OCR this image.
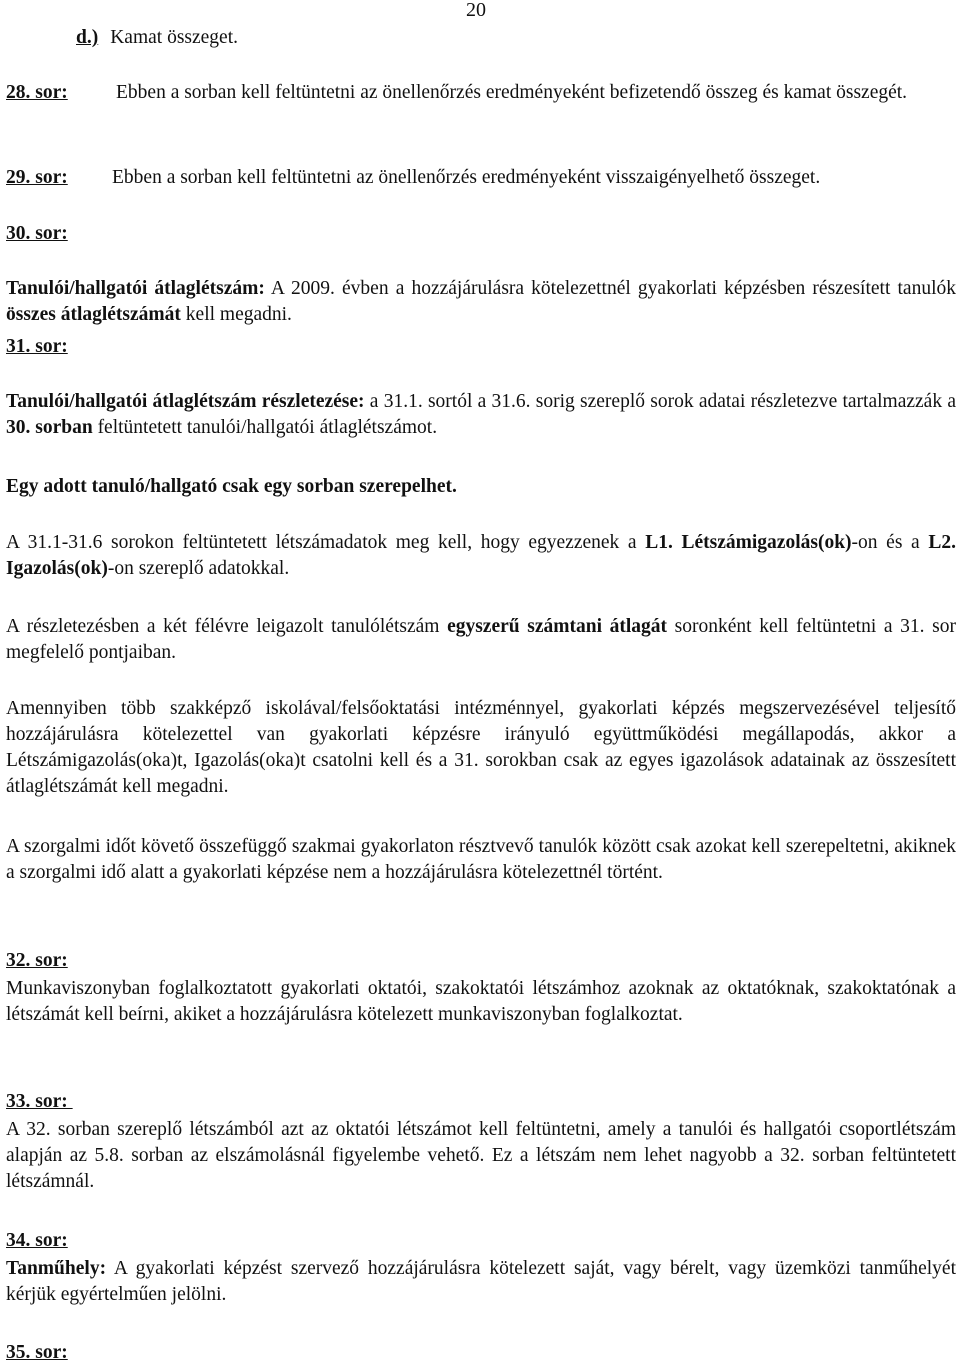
20
d.) Kamat összeget.
28. sor:	Ebben a sorban kell feltüntetni az önellenőrzés eredményeként befizetendő összeg és kamat összegét.
29. sor:	Ebben a sorban kell feltüntetni az önellenőrzés eredményeként visszaigényelhető összeget.
30. sor:
Tanulói/hallgatói átlaglétszám: A 2009. évben a hozzájárulásra kötelezettnél gyakorlati képzésben részesített tanulók összes átlaglétszámát kell megadni.
31. sor:
Tanulói/hallgatói átlaglétszám részletezése: a 31.1. sortól a 31.6. sorig szereplő sorok adatai részletezve tartalmazzák a 30. sorban feltüntetett tanulói/hallgatói átlaglétszámot.
Egy adott tanuló/hallgató csak egy sorban szerepelhet.
A 31.1-31.6 sorokon feltüntetett létszámadatok meg kell, hogy egyezzenek a L1. Létszámigazolás(ok)-on és a L2. Igazolás(ok)-on szereplő adatokkal.
A részletezésben a két félévre leigazolt tanulólétszám egyszerű számtani átlagát soronként kell feltüntetni a 31. sor megfelelő pontjaiban.
Amennyiben több szakképző iskolával/felsőoktatási intézménnyel, gyakorlati képzés megszervezésével teljesítő hozzájárulásra kötelezettel van gyakorlati képzésre irányuló együttműködési megállapodás, akkor a Létszámigazolás(oka)t, Igazolás(oka)t csatolni kell és a 31. sorokban csak az egyes igazolások adatainak az összesített átlaglétszámát kell megadni.
A szorgalmi időt követő összefüggő szakmai gyakorlaton résztvevő tanulók között csak azokat kell szerepeltetni, akiknek a szorgalmi idő alatt a gyakorlati képzése nem a hozzájárulásra kötelezettnél történt.
32. sor:
Munkaviszonyban foglalkoztatott gyakorlati oktatói, szakoktatói létszámhoz azoknak az oktatóknak, szakoktatónak a létszámát kell beírni, akiket a hozzájárulásra kötelezett munkaviszonyban foglalkoztat.
33. sor:
A 32. sorban szereplő létszámból azt az oktatói létszámot kell feltüntetni, amely a tanulói és hallgatói csoportlétszám alapján az 5.8. sorban az elszámolásnál figyelembe vehető. Ez a létszám nem lehet nagyobb a 32. sorban feltüntetett létszámnál.
34. sor:
Tanműhely: A gyakorlati képzést szervező hozzájárulásra kötelezett saját, vagy bérelt, vagy üzemközi tanműhelyét kérjük egyértelműen jelölni.
35. sor:
